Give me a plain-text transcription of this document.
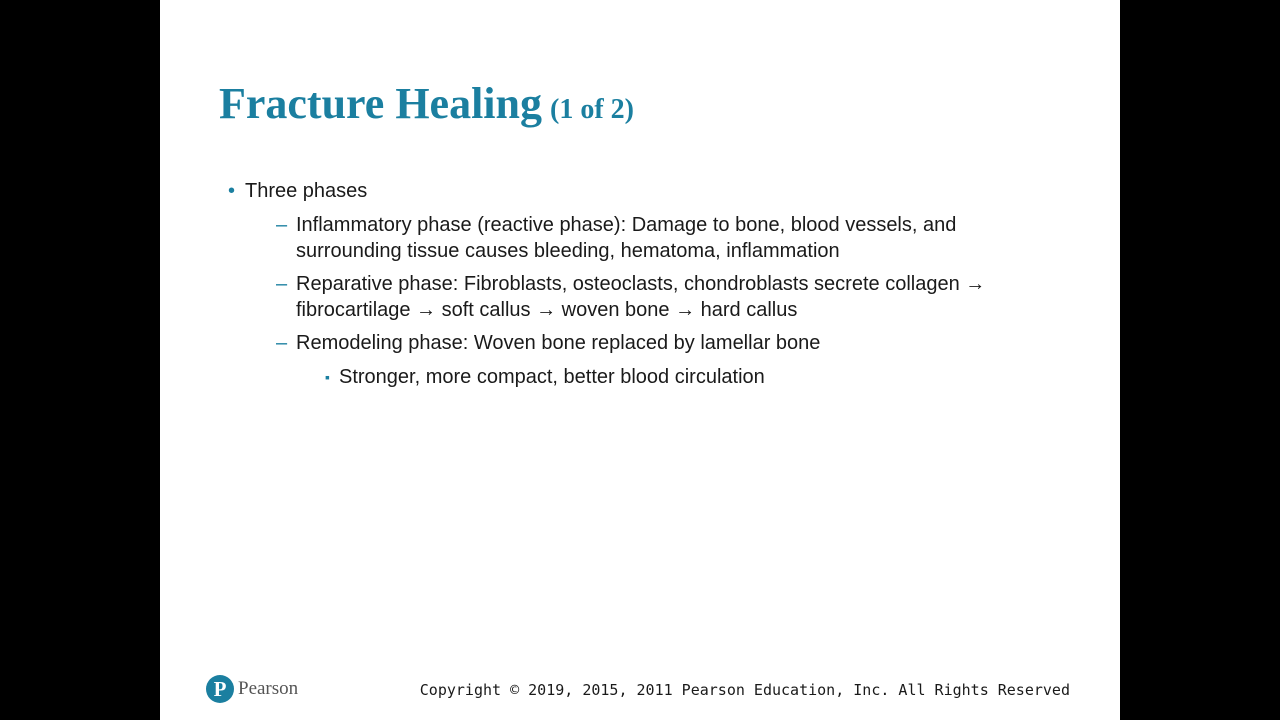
Fracture Healing (1 of 2)
• Three phases
– Inflammatory phase (reactive phase): Damage to bone, blood vessels, and surrounding tissue causes bleeding, hematoma, inflammation
– Reparative phase: Fibroblasts, osteoclasts, chondroblasts secrete collagen → fibrocartilage → soft callus → woven bone → hard callus
– Remodeling phase: Woven bone replaced by lamellar bone
▪ Stronger, more compact, better blood circulation
P Pearson	Copyright © 2019, 2015, 2011 Pearson Education, Inc. All Rights Reserved
